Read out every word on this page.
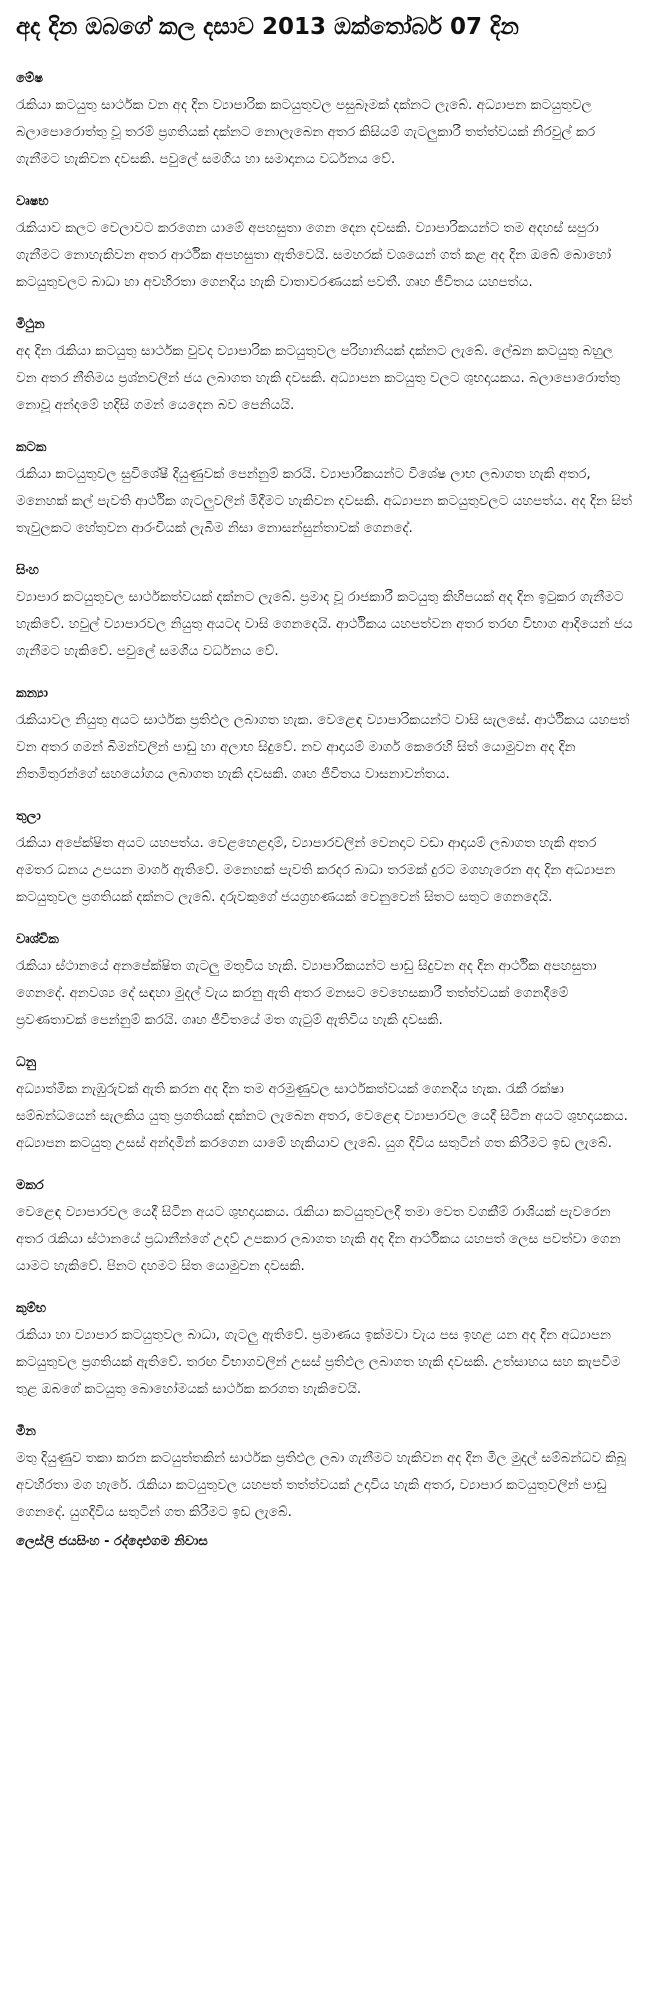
අද දින ඔබගේ කල දසාව 2013 ඔක්තෝබර් 07 දින
මේෂ
රැකියා කටයුතු සාර්ථක වන අද දින ව්‍යාපාරික කටයුතුවල පසුබෑමක් දක්නට ලැබේ. අධ්‍යාපන කටයුතුවල බලාපොරොත්තු වූ තරම් ප්‍රගතියක් දක්නට නොලැබෙන අතර කිසියම් ගැටලුකාරී තත්ත්වයක් නිරවුල් කර ගැනීමට හැකිවන දවසකි. පවුලේ සමගිය හා සමාදානය වර්ධනය වේ.
වෘෂභ
රැකියාව කලට වෙලාවට කරගෙන යාමේ අපහසුතා ගෙන දෙන දවසකි. ව්‍යාපාරිකයන්ට තම අදහස් සපුරා ගැනීමට නොහැකිවන අතර ආර්ථික අපහසුතා ඇතිවෙයි. සමහරක් වශයෙන් ගත් කළ අද දින ඔබේ බොහෝ කටයුතුවලට බාධා හා අවහිරතා ගෙනදිය හැකි වාතාවරණයක් පවතී. ගෘහ ජීවිතය යහපත්ය.
මිථුන
අද දින රැකියා කටයුතු සාර්ථක වුවද ව්‍යාපාරික කටයුතුවල පරිහානියක් දක්නට ලැබේ. ලේඛන කටයුතු බහුල වන අතර නීතිමය ප්‍රශ්නවලින් ජය ලබාගත හැකි දවසකි. අධ්‍යාපන කටයුතු වලට ශුභදායකය. බලාපොරොත්තු නොවූ අන්දමේ හදිසි ගමන් යෙදෙන බව පෙනියයි.
කටක
රැකියා කටයුතුවල සුවිශේෂී දියුණුවක් පෙන්නුම් කරයි. ව්‍යාපාරිකයන්ට විශේෂ ලාභ ලබාගත හැකි අතර, මනෙහක් කල් පැවති ආර්ථික ගැටලුවලින් මිදීමට හැකිවන දවසකි. අධ්‍යාපන කටයුතුවලට යහපත්ය. අද දින සිත් තැවුලකට හේතුවන ආරංචියක් ලැබීම නිසා නොසන්සුන්තාවක් ගෙනදේ.
සිංහ
ව්‍යාපාර කටයුතුවල සාර්ථකත්වයක් දක්නට ලැබේ. ප්‍රමාද වූ රාජකාරී කටයුතු කිහිපයක් අද දින ඉටුකර ගැනීමට හැකිවේ. හවුල් ව්‍යාපාරවල නියුතු අයටද වාසි ගෙනදෙයි. ආර්ථිකය යහපත්වන අතර තරඟ විභාග ආදියෙන් ජය ගැනීමට හැකිවේ. පවුලේ සමගිය වර්ධනය වේ.
කන්‍යා
රැකියාවල නියුතු අයට සාර්ථක ප්‍රතිඵල ලබාගත හැක. වෙළෙඳ ව්‍යාපාරිකයන්ට වාසි සැලසේ. ආර්ථිකය යහපත් වන අතර ගමන් බිමන්වලින් පාඩු හා අලාභ සිදුවේ. නව ආදායම් මාර්ග කෙරෙහි සිත් යොමුවන අද දින නිතමිතුරන්ගේ සහයෝගය ලබාගත හැකි දවසකි. ගෘහ ජීවිතය වාසනාවන්තය.
තුලා
රැකියා අපේක්ෂිත අයට යහපත්ය. වෙළහෙළදාම්, ව්‍යාපාරවලින් වෙනදාට වඩා ආදායම් ලබාගත හැකි අතර අමතර ධනය උපයන මාර්ග ඇතිවේ. මනෙහක් පැවති කරදර බාධා තරමක් දුරට මගහැරෙන අද දින අධ්‍යාපන කටයුතුවල ප්‍රගතියක් දක්නට ලැබේ. දරුවකුගේ ජයග්‍රහණයක් වෙනුවෙන් සිතට සතුට ගෙනදෙයි.
වෘශ්චික
රැකියා ස්ථානයේ අනපේක්ෂිත ගැටලු මතුවිය හැකි. ව්‍යාපාරිකයන්ට පාඩු සිදුවන අද දින ආර්ථික අපහසුතා ගෙනදේ. අනවශ්‍ය දේ සඳහා මුදල් වැය කරනු ඇති අතර මනසට වෙහෙසකාරී තත්ත්වයක් ගෙනදීමේ ප්‍රවණතාවක් පෙන්නුම් කරයි. ගෘහ ජීවිතයේ මත ගැටුම් ඇතිවිය හැකි දවසකි.
ධනු
අධ්‍යාත්මික නැඹුරුවක් ඇති කරන අද දින තම අරමුණුවල සාර්ථකත්වයක් ගෙනදිය හැක. රැකී රක්ෂා සම්බන්ධයෙන් සැලකිය යුතු ප්‍රගතියක් දක්නට ලැබෙන අතර, වෙළෙඳ ව්‍යාපාරවල යෙදී සිටින අයට ශුභදායකය. අධ්‍යාපන කටයුතු උසස් අන්දමින් කරගෙන යාමේ හැකියාව ලැබේ. යුග දිවිය සතුටින් ගත කිරීමට ඉඩ ලැබේ.
මකර
වෙළෙඳ ව්‍යාපාරවල යෙදී සිටින අයට ශුභදායකය. රැකියා කටයුතුවලදී තමා වෙත වගකීම් රාශියක් පැවරෙන අතර රැකියා ස්ථානයේ ප්‍රධානීන්ගේ උදව් උපකාර ලබාගත හැකි අද දින ආර්ථිකය යහපත් ලෙස පවත්වා ගෙන යාමට හැකිවේ. පිනට දහමට සිත යොමුවන දවසකි.
කුම්භ
රැකියා හා ව්‍යාපාර කටයුතුවල බාධා, ගැටලු ඇතිවේ. ප්‍රමාණය ඉක්මවා වැය පස ඉහළ යන අද දින අධ්‍යාපන කටයුතුවල ප්‍රගතියක් ඇතිවේ. තරඟ විභාගවලින් උසස් ප්‍රතිඵල ලබාගත හැකි දවසකි. උත්සාහය සහ කැපවීම තුළ ඔබගේ කටයුතු බොහෝමයක් සාර්ථක කරගත හැකිවෙයි.
මීන
මතු දියුණුව තකා කරන කටයුත්තකින් සාර්ථක ප්‍රතිඵල ලබා ගැනීමට හැකිවන අද දින මිල මුදල් සම්බන්ධව කිබූ අවහිරතා මග හැරේ. රැකියා කටයුතුවල යහපත් තත්ත්වයක් උදාවිය හැකි අතර, ව්‍යාපාර කටයුතුවලින් පාඩු ගෙනදේ. යුගදිවිය සතුටින් ගත කිරීමට ඉඩ ලැබේ.
ලෙස්ලි ජයසිංහ - රද්දොළුගම නිවාස
